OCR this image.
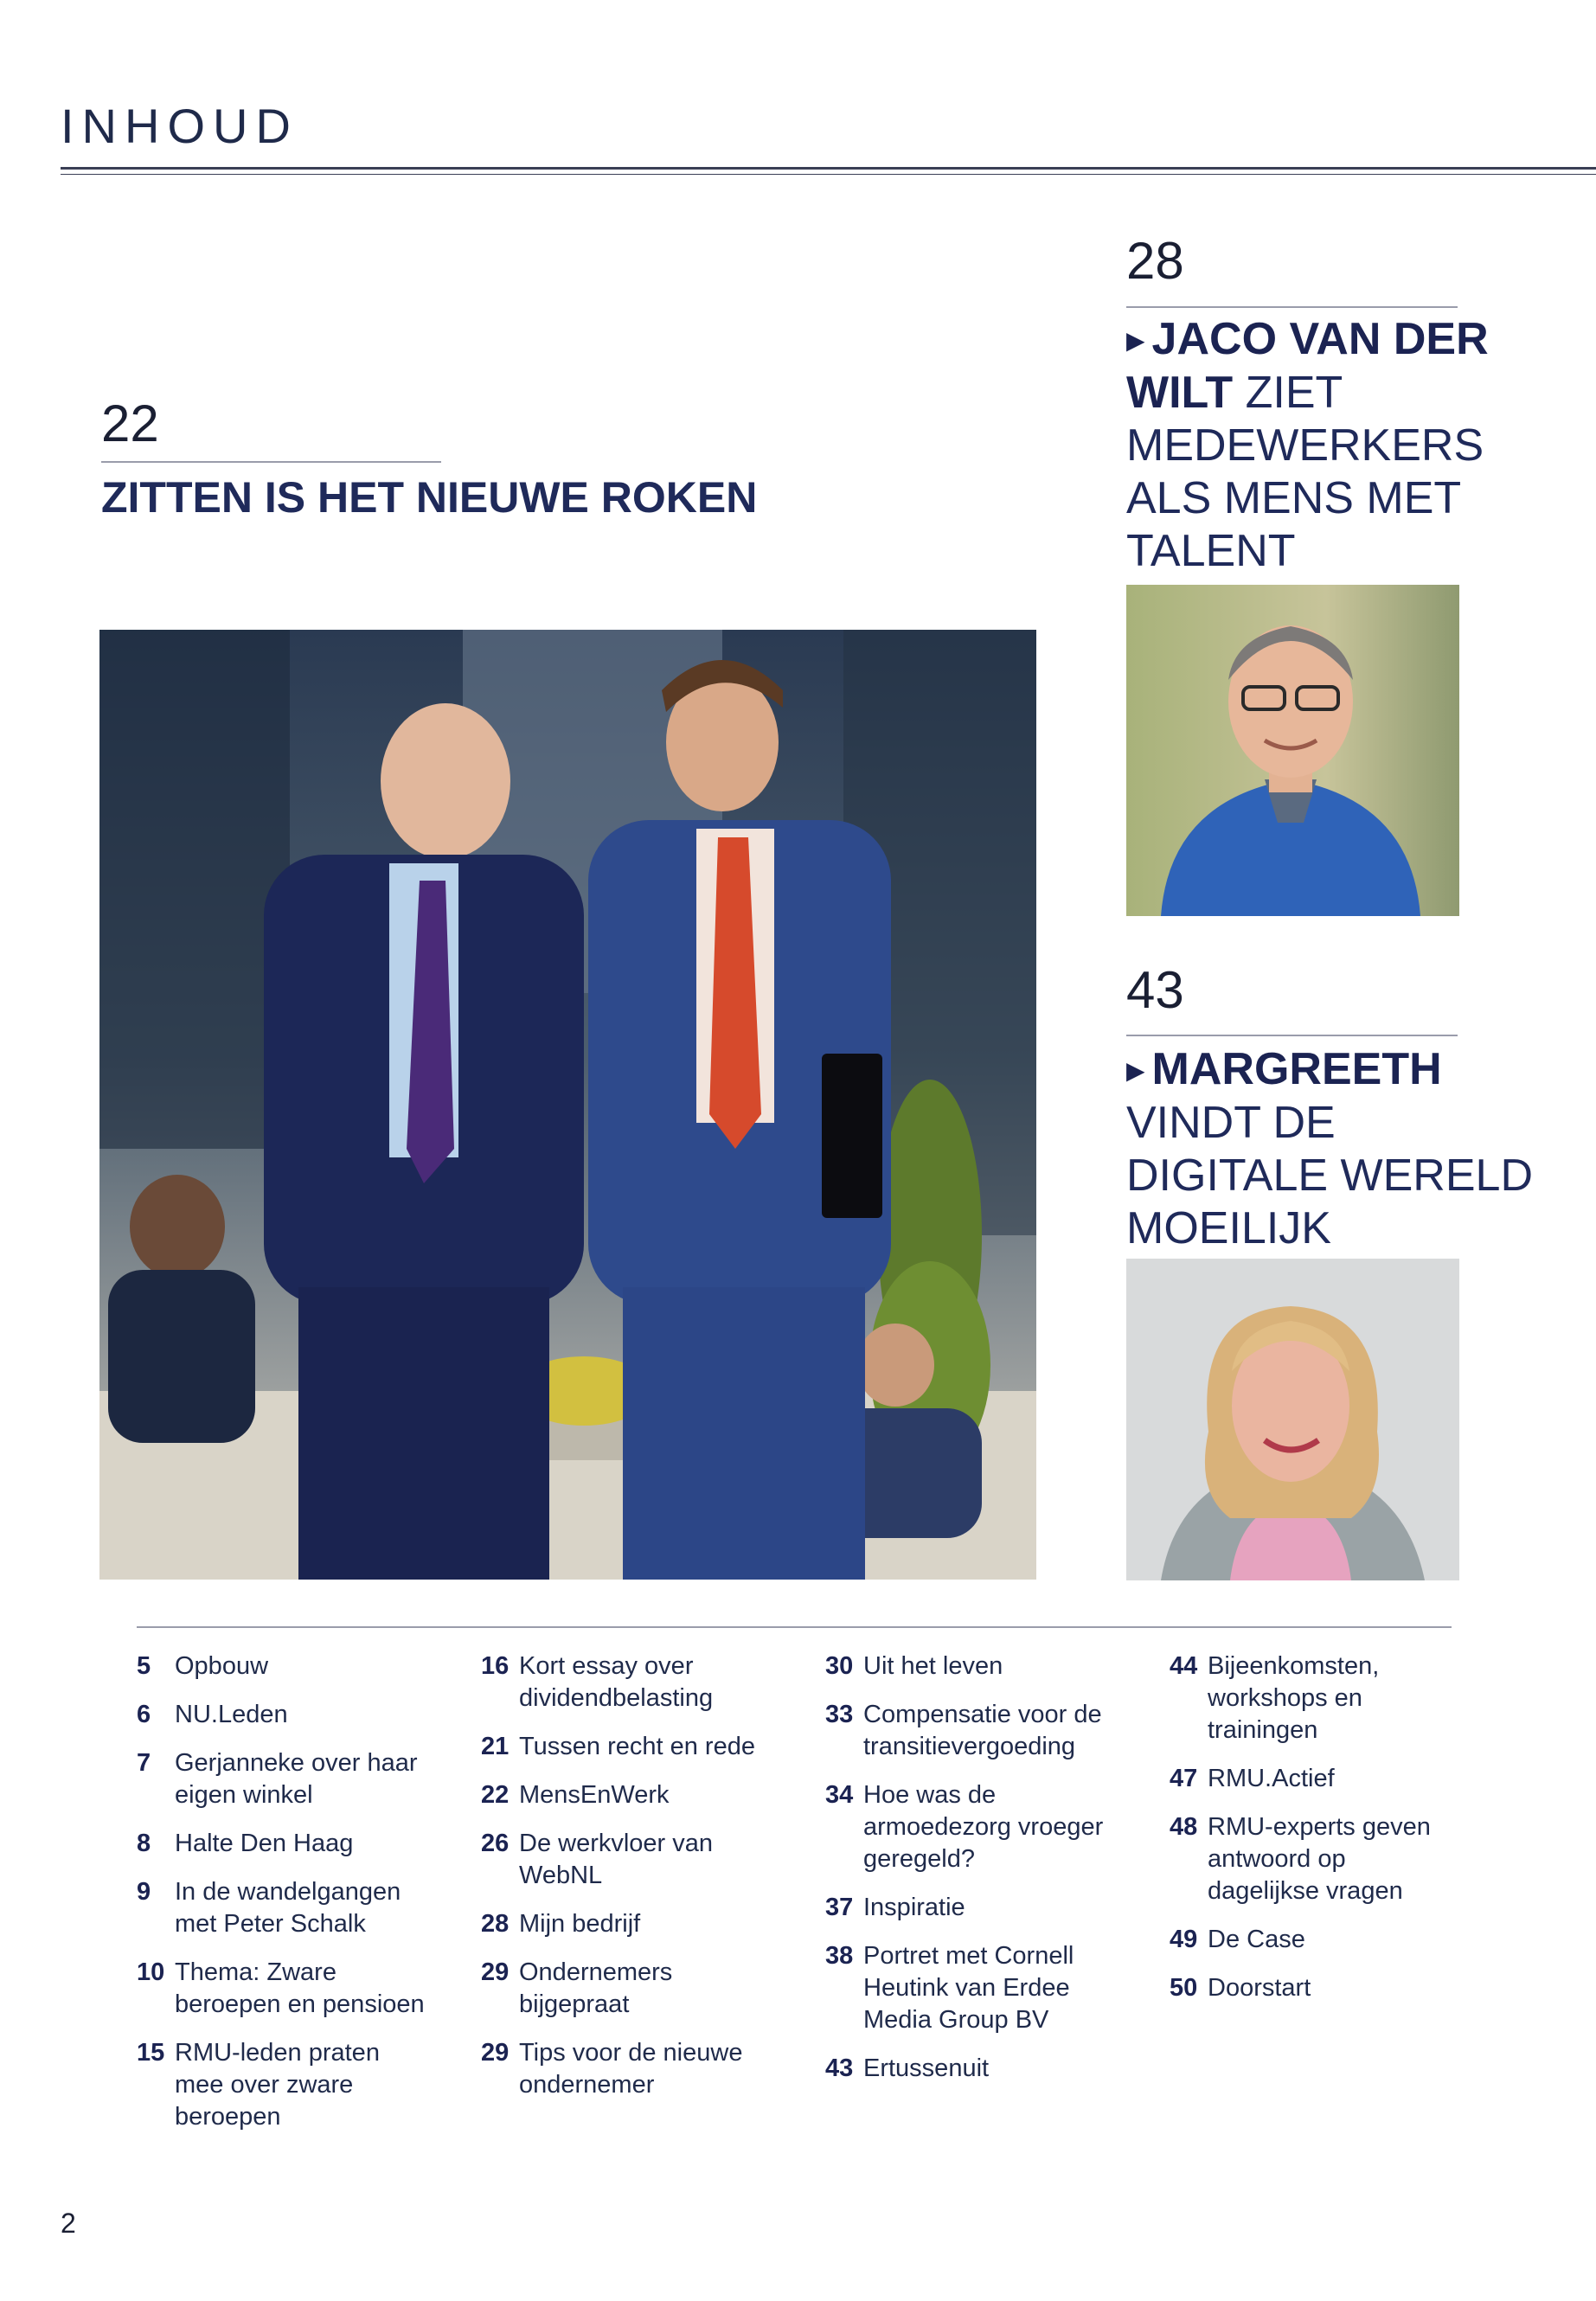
INHOUD
22
ZITTEN IS HET NIEUWE ROKEN
28
▶ JACO VAN DER
WILT ZIET
MEDEWERKERS
ALS MENS MET
TALENT
43
▶ MARGREETH
VINDT DE
DIGITALE WERELD
MOEILIJK
5 Opbouw
6 NU.Leden
7 Gerjanneke over haar eigen winkel
8 Halte Den Haag
9 In de wandelgangen met Peter Schalk
10 Thema: Zware beroepen en pensioen
15 RMU-leden praten mee over zware beroepen
16 Kort essay over dividendbelasting
21 Tussen recht en rede
22 MensEnWerk
26 De werkvloer van WebNL
28 Mijn bedrijf
29 Ondernemers bijgepraat
29 Tips voor de nieuwe ondernemer
30 Uit het leven
33 Compensatie voor de transitievergoeding
34 Hoe was de armoedezorg vroeger geregeld?
37 Inspiratie
38 Portret met Cornell Heutink van Erdee Media Group BV
43 Ertussenuit
44 Bijeenkomsten, workshops en trainingen
47 RMU.Actief
48 RMU-experts geven antwoord op dagelijkse vragen
49 De Case
50 Doorstart
2
